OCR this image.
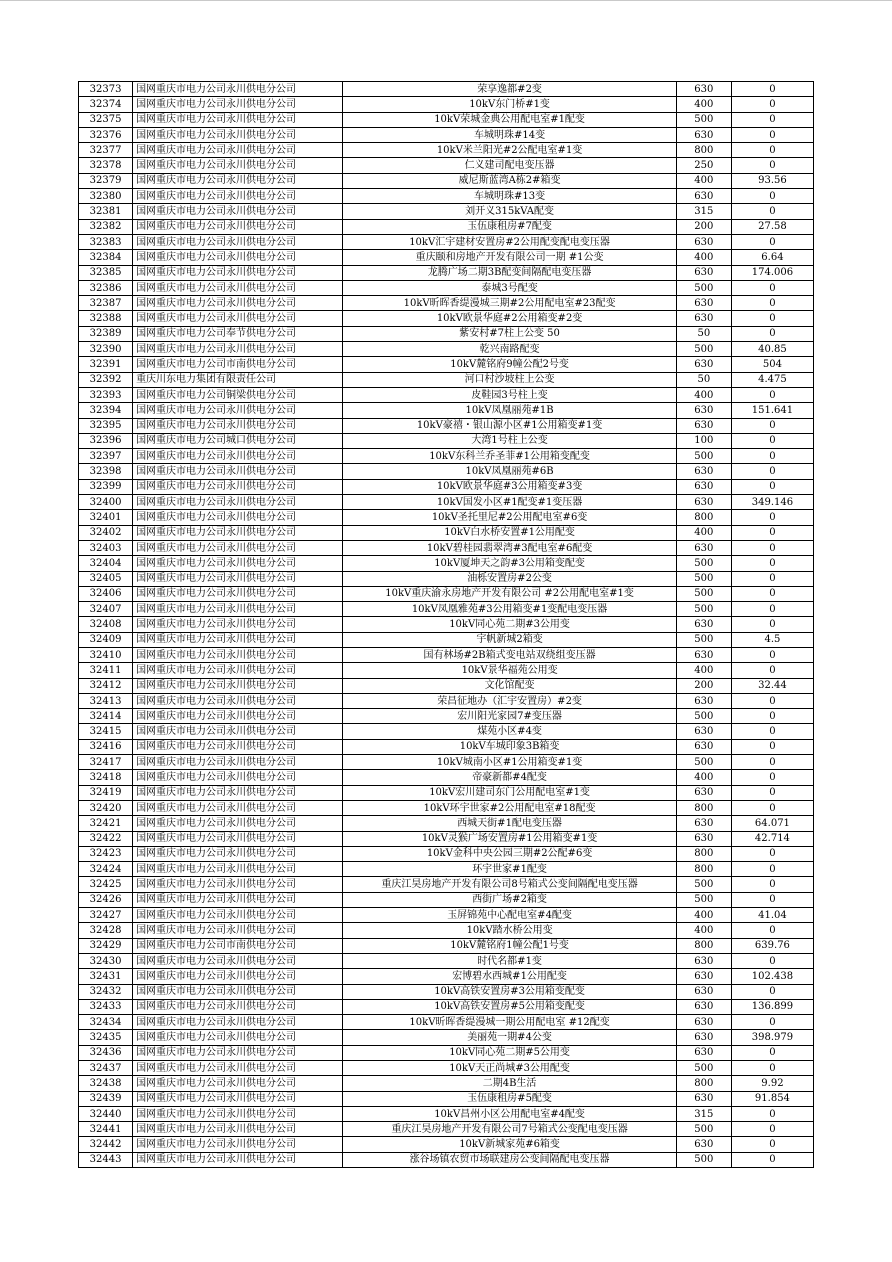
32373	国网重庆市电力公司永川供电分公司	荣享逸都#2变	630	0
32374	国网重庆市电力公司永川供电分公司	10kV东门桥#1变	400	0
32375	国网重庆市电力公司永川供电分公司	10kV荣城金典公用配电室#1配变	500	0
32376	国网重庆市电力公司永川供电分公司	车城明珠#14变	630	0
32377	国网重庆市电力公司永川供电分公司	10kV米兰阳光#2公配电室#1变	800	0
32378	国网重庆市电力公司永川供电分公司	仁义建司配电变压器	250	0
32379	国网重庆市电力公司永川供电分公司	威尼斯蓝湾A栋2#箱变	400	93.56
32380	国网重庆市电力公司永川供电分公司	车城明珠#13变	630	0
32381	国网重庆市电力公司永川供电分公司	刘开义315kVA配变	315	0
32382	国网重庆市电力公司永川供电分公司	玉伍康租房#7配变	200	27.58
32383	国网重庆市电力公司永川供电分公司	10kV汇宇建材安置房#2公用配变配电变压器	630	0
32384	国网重庆市电力公司永川供电分公司	重庆颐和房地产开发有限公司一期 #1公变	400	6.64
32385	国网重庆市电力公司永川供电分公司	龙腾广场二期3B配变间隔配电变压器	630	174.006
32386	国网重庆市电力公司永川供电分公司	泰城3号配变	500	0
32387	国网重庆市电力公司永川供电分公司	10kV昕晖香缇漫城三期#2公用配电室#23配变	630	0
32388	国网重庆市电力公司永川供电分公司	10kV欧景华庭#2公用箱变#2变	630	0
32389	国网重庆市电力公司奉节供电分公司	紫安村#7柱上公变 50	50	0
32390	国网重庆市电力公司永川供电分公司	乾兴南路配变	500	40.85
32391	国网重庆市电力公司市南供电分公司	10kV麓铭府9幢公配2号变	630	504
32392	重庆川东电力集团有限责任公司	河口村沙坡柱上公变	50	4.475
32393	国网重庆市电力公司铜梁供电分公司	皮鞋园3号柱上变	400	0
32394	国网重庆市电力公司永川供电分公司	10kV凤凰丽苑#1B	630	151.641
32395	国网重庆市电力公司永川供电分公司	10kV豪禧・银山源小区#1公用箱变#1变	630	0
32396	国网重庆市电力公司城口供电分公司	大湾1号柱上公变	100	0
32397	国网重庆市电力公司永川供电分公司	10kV东科兰乔圣菲#1公用箱变配变	500	0
32398	国网重庆市电力公司永川供电分公司	10kV凤凰丽苑#6B	630	0
32399	国网重庆市电力公司永川供电分公司	10kV欧景华庭#3公用箱变#3变	630	0
32400	国网重庆市电力公司永川供电分公司	10kV国发小区#1配变#1变压器	630	349.146
32401	国网重庆市电力公司永川供电分公司	10kV圣托里尼#2公用配电室#6变	800	0
32402	国网重庆市电力公司永川供电分公司	10kV白水桥安置#1公用配变	400	0
32403	国网重庆市电力公司永川供电分公司	10kV碧桂园翡翠湾#3配电室#6配变	630	0
32404	国网重庆市电力公司永川供电分公司	10kV厦坤天之韵#3公用箱变配变	500	0
32405	国网重庆市电力公司永川供电分公司	油栎安置房#2公变	500	0
32406	国网重庆市电力公司永川供电分公司	10kV重庆渝永房地产开发有限公司 #2公用配电室#1变	500	0
32407	国网重庆市电力公司永川供电分公司	10kV凤凰雅苑#3公用箱变#1变配电变压器	500	0
32408	国网重庆市电力公司永川供电分公司	10kV同心苑二期#3公用变	630	0
32409	国网重庆市电力公司永川供电分公司	宇帆新城2箱变	500	4.5
32410	国网重庆市电力公司永川供电分公司	国有林场#2B箱式变电站双绕组变压器	630	0
32411	国网重庆市电力公司永川供电分公司	10kV景华福苑公用变	400	0
32412	国网重庆市电力公司永川供电分公司	文化馆配变	200	32.44
32413	国网重庆市电力公司永川供电分公司	荣昌征地办（汇宇安置房）#2变	630	0
32414	国网重庆市电力公司永川供电分公司	宏川阳光家园7#变压器	500	0
32415	国网重庆市电力公司永川供电分公司	煤苑小区#4变	630	0
32416	国网重庆市电力公司永川供电分公司	10kV车城印象3B箱变	630	0
32417	国网重庆市电力公司永川供电分公司	10kV城南小区#1公用箱变#1变	500	0
32418	国网重庆市电力公司永川供电分公司	帝豪新都#4配变	400	0
32419	国网重庆市电力公司永川供电分公司	10kV宏川建司东门公用配电室#1变	630	0
32420	国网重庆市电力公司永川供电分公司	10kV环宇世家#2公用配电室#18配变	800	0
32421	国网重庆市电力公司永川供电分公司	西城天街#1配电变压器	630	64.071
32422	国网重庆市电力公司永川供电分公司	10kV灵猴广场安置房#1公用箱变#1变	630	42.714
32423	国网重庆市电力公司永川供电分公司	10kV金科中央公园三期#2公配#6变	800	0
32424	国网重庆市电力公司永川供电分公司	环宇世家#1配变	800	0
32425	国网重庆市电力公司永川供电分公司	重庆江昊房地产开发有限公司8号箱式公变间隔配电变压器	500	0
32426	国网重庆市电力公司永川供电分公司	西街广场#2箱变	500	0
32427	国网重庆市电力公司永川供电分公司	玉屏锦苑中心配电室#4配变	400	41.04
32428	国网重庆市电力公司永川供电分公司	10kV踏水桥公用变	400	0
32429	国网重庆市电力公司市南供电分公司	10kV麓铭府1幢公配1号变	800	639.76
32430	国网重庆市电力公司永川供电分公司	时代名都#1变	630	0
32431	国网重庆市电力公司永川供电分公司	宏博碧水西城#1公用配变	630	102.438
32432	国网重庆市电力公司永川供电分公司	10kV高铁安置房#3公用箱变配变	630	0
32433	国网重庆市电力公司永川供电分公司	10kV高铁安置房#5公用箱变配变	630	136.899
32434	国网重庆市电力公司永川供电分公司	10kV昕晖香缇漫城一期公用配电室 #12配变	630	0
32435	国网重庆市电力公司永川供电分公司	美丽苑一期#4公变	630	398.979
32436	国网重庆市电力公司永川供电分公司	10kV同心苑二期#5公用变	630	0
32437	国网重庆市电力公司永川供电分公司	10kV天正尚城#3公用配变	500	0
32438	国网重庆市电力公司永川供电分公司	二期4B生活	800	9.92
32439	国网重庆市电力公司永川供电分公司	玉伍康租房#5配变	630	91.854
32440	国网重庆市电力公司永川供电分公司	10kV昌州小区公用配电室#4配变	315	0
32441	国网重庆市电力公司永川供电分公司	重庆江昊房地产开发有限公司7号箱式公变配电变压器	500	0
32442	国网重庆市电力公司永川供电分公司	10kV新城家苑#6箱变	630	0
32443	国网重庆市电力公司永川供电分公司	涨谷场镇农贸市场联建房公变间隔配电变压器	500	0
